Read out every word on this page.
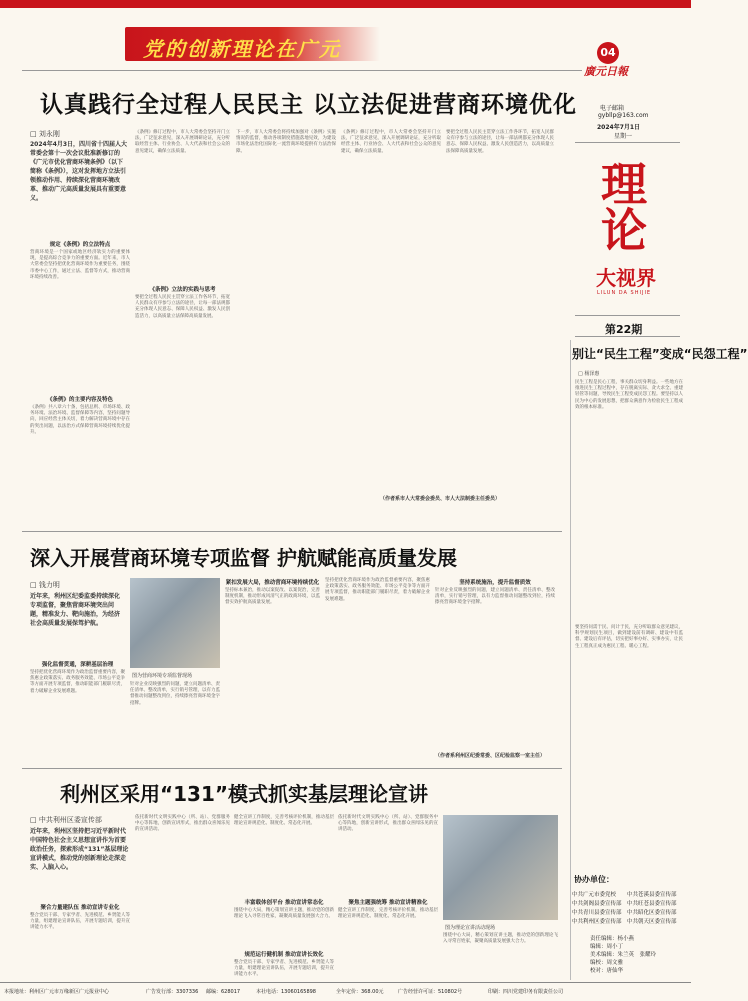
党的创新理论在广元	04
廣元日報
电子邮箱
gybllp@163.com
2024年7月1日
星期一
理论
大视界
LILUN DA SHIJIE
第22期
别让“民生工程”变成“民怨工程”
□ 杨泽惠
民生工程是民心工程，事关群众切身利益。一些地方在推进民生工程过程中，存在脱离实际、贪大求全、重建轻管等问题，导致民生工程变成民怨工程。要坚持以人民为中心的发展思想，把群众满意作为检验民生工程成效的根本标准。
要坚持问需于民、问计于民，充分听取群众意见建议，科学规划民生项目，做到建设前有调研、建设中有监督、建设后有评估，切实把好事办好、实事办实，让民生工程真正成为惠民工程、暖心工程。
协办单位：
中共广元市委党校 中共苍溪县委宣传部
中共剑阁县委宣传部 中共旺苍县委宣传部
中共青川县委宣传部 中共昭化区委宣传部
中共利州区委宣传部 中共朝天区委宣传部
责任编辑：杨小燕
编辑：周小丁
美术编辑：朱兰英　张耀玲
编校：周文雅
校对：唐仙华
认真践行全过程人民民主 以立法促进营商环境优化
□ 刘永刚
2024年4月3日，四川省十四届人大常委会第十一次会议批准新修订的《广元市优化营商环境条例》（以下简称《条例》），这对发挥地方立法引领推动作用、持续深化营商环境改革、推动广元高质量发展具有重要意义。
规定《条例》的立法特点
营商环境是一个国家或地区经济软实力的重要体现，是提高综合竞争力的重要方面。近年来，市人大常委会坚持把优化营商环境作为重要任务，围绕市委中心工作，通过立法、监督等方式，推动营商环境持续改善。
《条例》的主要内容及特色
《条例》共八章六十条，包括总则、市场环境、政务环境、法治环境、监督保障等内容，坚持问题导向，回应经营主体关切，着力解决营商环境中存在的突出问题，以法治方式保障营商环境持续优化提升。
《条例》修订过程中，市人大常委会坚持开门立法，广泛征求意见，深入开展调研论证，充分听取经营主体、行业协会、人大代表和社会公众的意见建议，确保立法质量。
《条例》立法的实践与思考
要把全过程人民民主贯穿立法工作各环节，拓宽人民群众有序参与立法的途径，让每一部法规都充分体现人民意志、保障人民权益、激发人民创造活力，以高质量立法保障高质量发展。
下一步，市人大常委会将持续加强对《条例》实施情况的监督，推动各项制度措施落地见效，为建设市场化法治化国际化一流营商环境提供有力法治保障。
《条例》修订过程中，市人大常委会坚持开门立法，广泛征求意见，深入开展调研论证，充分听取经营主体、行业协会、人大代表和社会公众的意见建议，确保立法质量。
要把全过程人民民主贯穿立法工作各环节，拓宽人民群众有序参与立法的途径，让每一部法规都充分体现人民意志、保障人民权益、激发人民创造活力，以高质量立法保障高质量发展。
（作者系市人大常委会委员、市人大法制委主任委员）
深入开展营商环境专项监督 护航赋能高质量发展
□ 钱力明
近年来，利州区纪委监委持续深化专项监督，聚焦营商环境突出问题，精准发力、靶向施治，为经济社会高质量发展保驾护航。
强化监督贯通，深耕基层治理
坚持把优化营商环境作为政治监督重要内容，聚焦惠企政策落实、政务服务效能、市场公平竞争等方面开展专项监督，推动职能部门履职尽责，着力破解企业发展难题。
图为营商环境专项监督现场
针对企业反映强烈的问题，建立问题清单、责任清单、整改清单，实行销号管理，以有力监督推动问题整改到位，持续擦亮营商环境金字招牌。
紧扣发展大局，推动营商环境持续优化
坚持标本兼治，推动以案促改、以案促治，完善制度机制，推动形成风清气正的政商环境，以监督实效护航高质量发展。
坚持把优化营商环境作为政治监督重要内容，聚焦惠企政策落实、政务服务效能、市场公平竞争等方面开展专项监督，推动职能部门履职尽责，着力破解企业发展难题。
坚持系统施治，提升监督质效
针对企业反映强烈的问题，建立问题清单、责任清单、整改清单，实行销号管理，以有力监督推动问题整改到位，持续擦亮营商环境金字招牌。
（作者系利州区纪委常委、区纪检监察一室主任）
利州区采用“131”模式抓实基层理论宣讲
□ 中共利州区委宣传部
近年来，利州区坚持把习近平新时代中国特色社会主义思想宣讲作为首要政治任务，探索形成“131”基层理论宣讲模式，推动党的创新理论走深走实、入脑入心。
聚合力量建队伍 推动宣讲专业化
整合党员干部、专家学者、先进模范、乡贤能人等力量，组建理论宣讲队伍，开展专题培训，提升宣讲能力水平。
依托新时代文明实践中心（所、站）、党群服务中心等阵地，创新宣讲形式，推出群众喜闻乐见的宣讲活动。
健全宣讲工作制度，完善考核评价机制，推动基层理论宣讲规范化、制度化、常态化开展。
丰富载体创平台 推动宣讲常态化
围绕中心大局，精心策划宣讲主题，推动党的创新理论飞入寻常百姓家，凝聚高质量发展强大合力。
规范运行健机制 推动宣讲长效化
整合党员干部、专家学者、先进模范、乡贤能人等力量，组建理论宣讲队伍，开展专题培训，提升宣讲能力水平。
依托新时代文明实践中心（所、站）、党群服务中心等阵地，创新宣讲形式，推出群众喜闻乐见的宣讲活动。
聚焦主题强统筹 推动宣讲精准化
健全宣讲工作制度，完善考核评价机制，推动基层理论宣讲规范化、制度化、常态化开展。
图为理论宣讲活动现场
围绕中心大局，精心策划宣讲主题，推动党的创新理论飞入寻常百姓家，凝聚高质量发展强大合力。
本报地址：利州区广元市万缘新区广元报业中心	广告发行部：3307336 邮编：628017	本社电话：13060165898	全年定价：368.00元	广告经营许可证：510802号	印刷：四川党建印务有限责任公司
